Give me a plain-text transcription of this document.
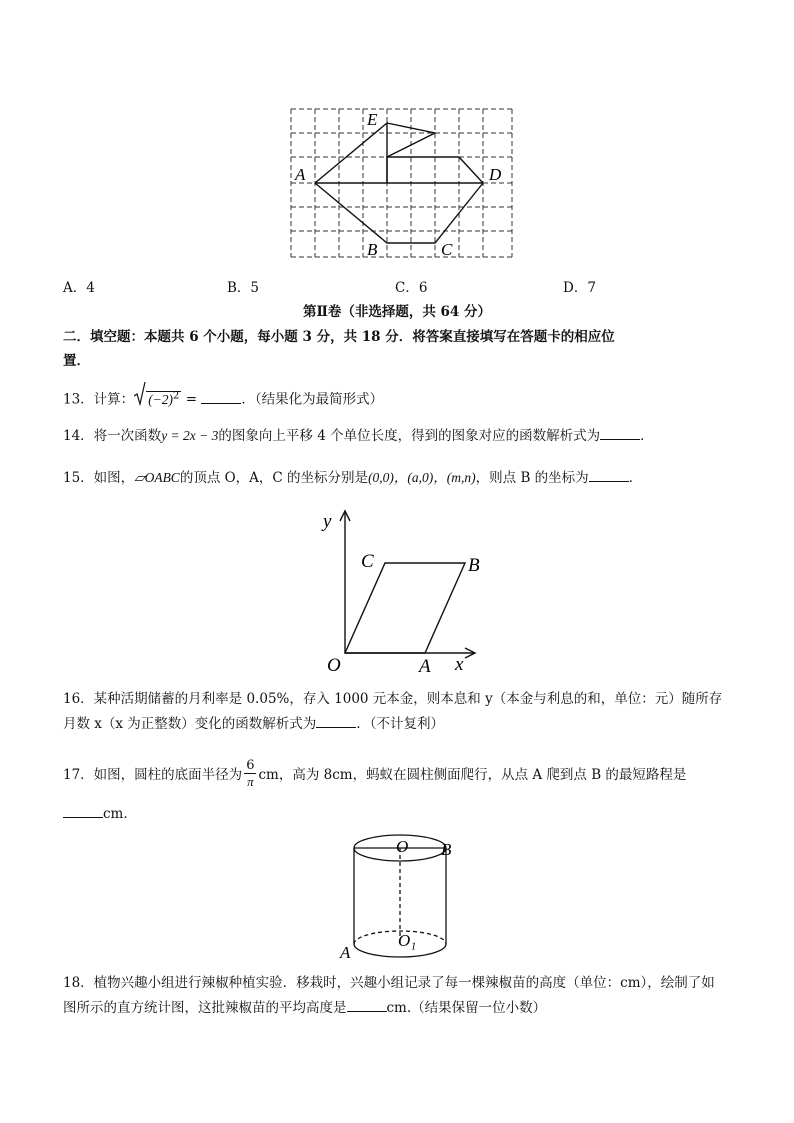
E
A	D
B	C
A．4	B．5	C．6	D．7
第Ⅱ卷（非选择题，共 64 分）
二．填空题：本题共 6 个小题，每小题 3 分，共 18 分．将答案直接填写在答题卡的相应位
置．
13．计算： $(-2)^2$ =	．（结果化为最简形式）
14．将一次函数y = 2x − 3的图象向上平移 4 个单位长度，得到的图象对应的函数解析式为	．
15．如图，▱OABC的顶点 O，A，C 的坐标分别是(0,0)，(a,0)，(m,n)，则点 B 的坐标为	．
y
x
O	A
C	B
16．某种活期储蓄的月利率是 0.05%，存入 1000 元本金，则本息和 y（本金与利息的和，单位：元）随所存
月数 x（x 为正整数）变化的函数解析式为	．（不计复利）
17．如图，圆柱的底面半径为 $\frac{6}{\pi}$ cm，高为 8cm，蚂蚁在圆柱侧面爬行，从点 A 爬到点 B 的最短路程是
cm．
O B
O₁
A
18．植物兴趣小组进行辣椒种植实验．移栽时，兴趣小组记录了每一棵辣椒苗的高度（单位：cm），绘制了如
图所示的直方统计图，这批辣椒苗的平均高度是	cm.（结果保留一位小数）
